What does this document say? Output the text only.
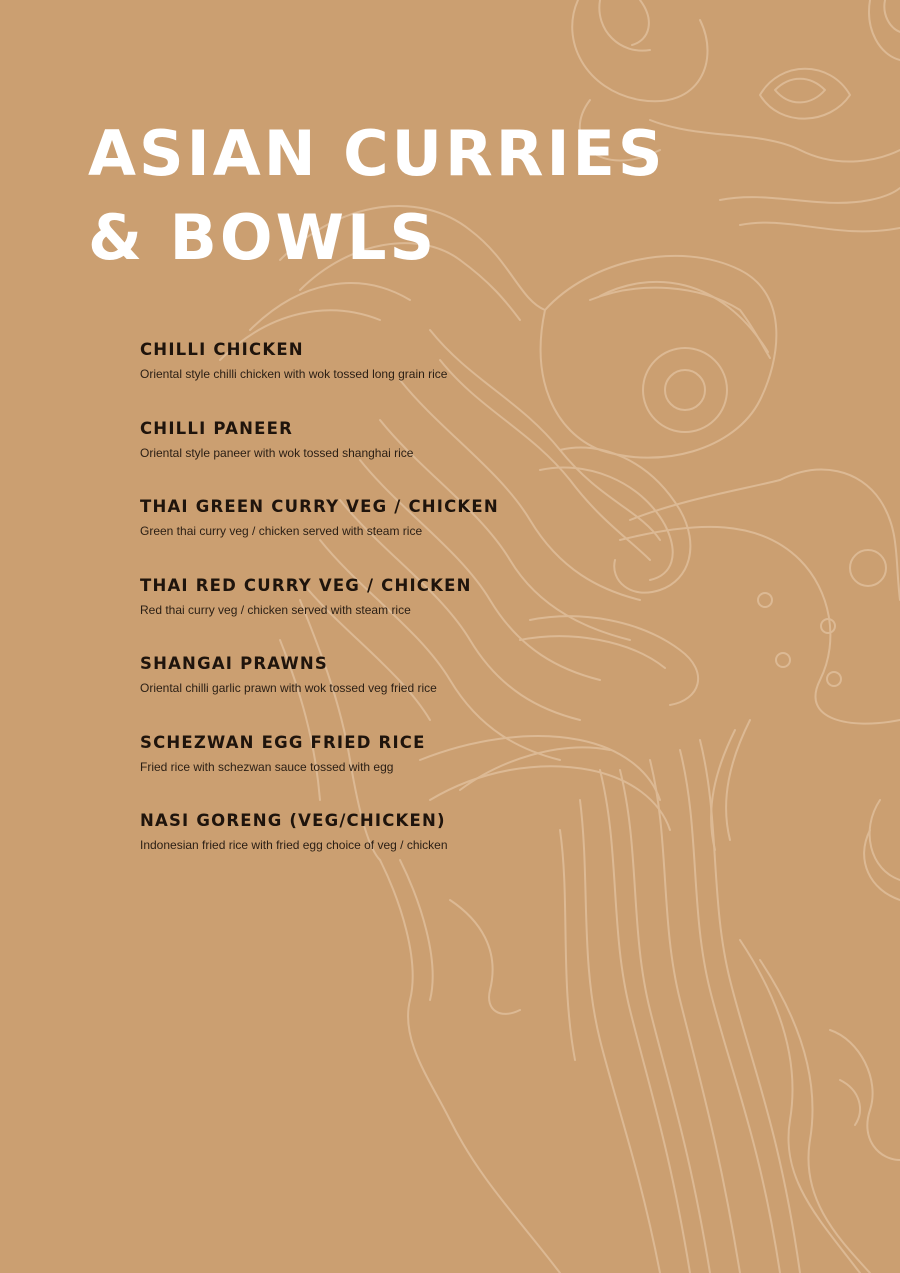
ASIAN CURRIES
& BOWLS
CHILLI CHICKEN
Oriental style chilli chicken with wok tossed long grain rice
CHILLI PANEER
Oriental style paneer with wok tossed shanghai rice
THAI GREEN CURRY VEG / CHICKEN
Green thai curry veg / chicken served with steam rice
THAI RED CURRY VEG / CHICKEN
Red thai curry veg / chicken served with steam rice
SHANGAI PRAWNS
Oriental chilli garlic prawn with wok tossed veg fried rice
SCHEZWAN EGG FRIED RICE
Fried rice with schezwan sauce tossed with egg
NASI GORENG (VEG/CHICKEN)
Indonesian fried rice with fried egg choice of veg / chicken
